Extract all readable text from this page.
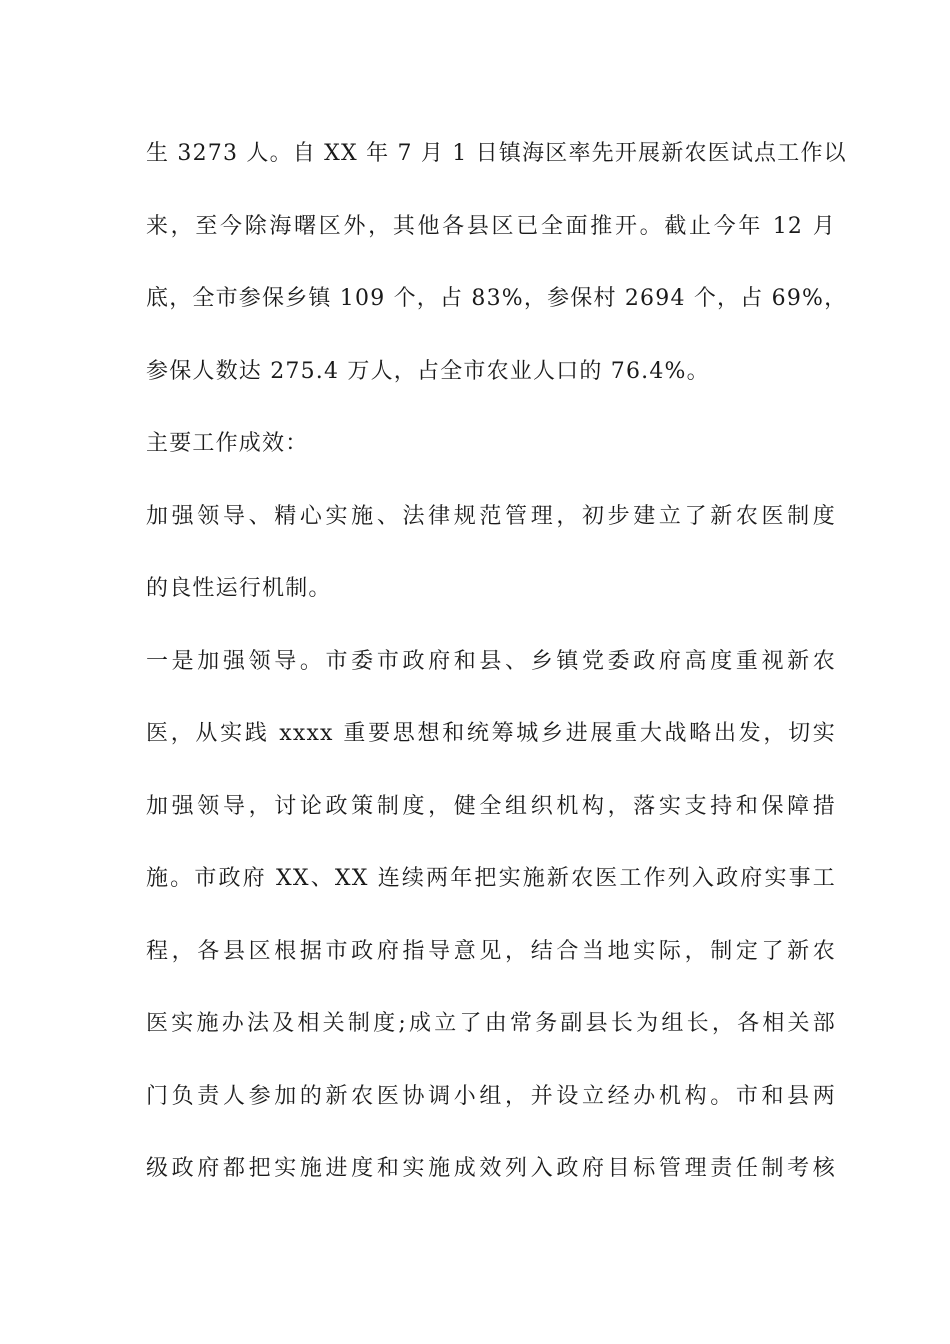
生 3273 人。自 XX 年 7 月 1 日镇海区率先开展新农医试点工作以
来，至今除海曙区外，其他各县区已全面推开。截止今年 12 月
底，全市参保乡镇 109 个，占 83%，参保村 2694 个，占 69%，
参保人数达 275.4 万人，占全市农业人口的 76.4%。
主要工作成效：
加强领导、精心实施、法律规范管理，初步建立了新农医制度
的良性运行机制。
一是加强领导。市委市政府和县、乡镇党委政府高度重视新农
医，从实践 xxxx 重要思想和统筹城乡进展重大战略出发，切实
加强领导，讨论政策制度，健全组织机构，落实支持和保障措
施。市政府 XX、XX 连续两年把实施新农医工作列入政府实事工
程，各县区根据市政府指导意见，结合当地实际，制定了新农
医实施办法及相关制度;成立了由常务副县长为组长，各相关部
门负责人参加的新农医协调小组，并设立经办机构。市和县两
级政府都把实施进度和实施成效列入政府目标管理责任制考核
